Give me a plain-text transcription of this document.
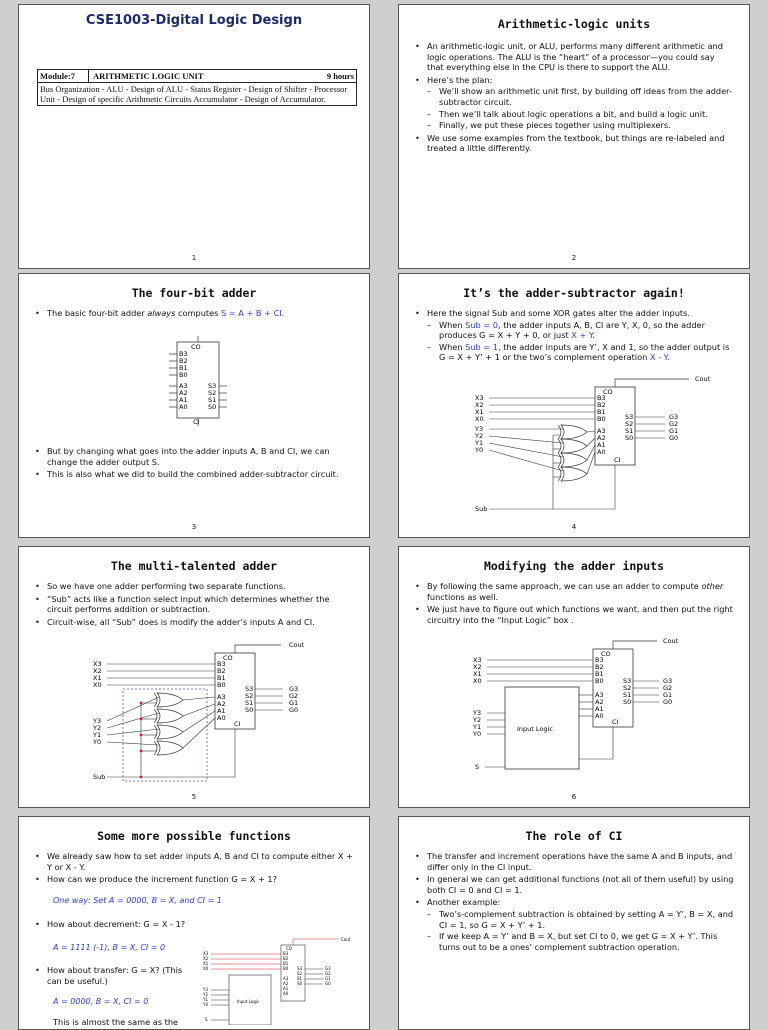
CSE1003-Digital Logic Design
Module:7	ARITHMETIC LOGIC UNIT	9 hours
Bus Organization - ALU - Design of ALU - Status Register - Design of Shifter - Processor Unit - Design of specific Arithmetic Circuits Accumulator - Design of Accumulator.
1
Arithmetic-logic units
• An arithmetic-logic unit, or ALU, performs many different arithmetic and logic operations. The ALU is the “heart” of a processor—you could say that everything else in the CPU is there to support the ALU.
• Here’s the plan:
– We’ll show an arithmetic unit first, by building off ideas from the adder-subtractor circuit.
– Then we’ll talk about logic operations a bit, and build a logic unit.
– Finally, we put these pieces together using multiplexers.
• We use some examples from the textbook, but things are re-labeled and treated a little differently.
2
The four-bit adder
• The basic four-bit adder always computes S = A + B + CI.
CO
B3
B2
B1
B0
A3
A2
A1
A0
S3
S2
S1
S0
CI
• But by changing what goes into the adder inputs A, B and CI, we can change the adder output S.
• This is also what we did to build the combined adder-subtractor circuit.
3
It’s the adder-subtractor again!
• Here the signal Sub and some XOR gates alter the adder inputs.
– When Sub = 0, the adder inputs A, B, CI are Y, X, 0, so the adder produces G = X + Y + 0, or just X + Y.
– When Sub = 1, the adder inputs are Y’, X and 1, so the adder output is G = X + Y’ + 1 or the two’s complement operation X - Y.
CO
CI
Cout
X3	B3
X2	B2
X1	B1
X0	B0
A3
A2
A1
A0
S3	G3
S2	G2
S1	G1
S0	G0
Y3
Y2
Y1
Y0
Sub
4
The multi-talented adder
• So we have one adder performing two separate functions.
• “Sub” acts like a function select input which determines whether the circuit performs addition or subtraction.
• Circuit-wise, all “Sub” does is modify the adder’s inputs A and CI.
CO
CI
Cout
X3	B3
X2	B2
X1	B1
X0	B0
A3
A2
A1
A0
S3	G3
S2	G2
S1	G1
S0	G0
Y3
Y2
Y1
Y0
Sub
5
Modifying the adder inputs
• By following the same approach, we can use an adder to compute other functions as well.
• We just have to figure out which functions we want, and then put the right circuitry into the “Input Logic” box .
CO
CI
Cout
X3	B3
X2	B2
X1	B1
X0	B0
A3
A2
A1
A0
S3	G3
S2	G2
S1	G1
S0	G0
Input Logic
Y3
Y2
Y1
Y0
S
6
Some more possible functions
• We already saw how to set adder inputs A, B and CI to compute either X + Y or X - Y.
• How can we produce the increment function G = X + 1?
One way: Set A = 0000, B = X, and CI = 1
• How about decrement: G = X - 1?
A = 1111 (-1), B = X, CI = 0
• How about transfer: G = X? (This can be useful.)
A = 0000, B = X, CI = 0
This is almost the same as the
CO
Cout
X3	B3
X2	B2
X1	B1
X0	B0
A3
A2
A1
A0
S3	G3
S2	G2
S1	G1
S0	G0
Input Logic
Y3
Y2
Y1
Y0
S
The role of CI
• The transfer and increment operations have the same A and B inputs, and differ only in the CI input.
• In general we can get additional functions (not all of them useful) by using both CI = 0 and CI = 1.
• Another example:
– Two’s-complement subtraction is obtained by setting A = Y’, B = X, and CI = 1, so G = X + Y’ + 1.
– If we keep A = Y’ and B = X, but set CI to 0, we get G = X + Y’. This turns out to be a ones’ complement subtraction operation.
